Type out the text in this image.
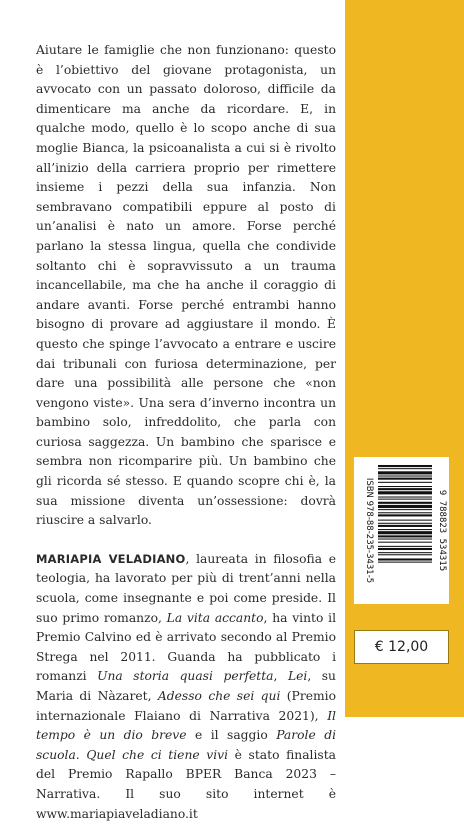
Aiutare le famiglie che non funzionano: questo è l’obiettivo del giovane protagonista, un avvocato con un passato doloroso, difficile da dimenticare ma anche da ricordare. E, in qualche modo, quello è lo scopo anche di sua moglie Bianca, la psicoanalista a cui si è rivolto all’inizio della carriera proprio per rimettere insieme i pezzi della sua infanzia. Non sembravano compatibili eppure al posto di un’analisi è nato un amore. Forse perché parlano la stessa lingua, quella che condivide soltanto chi è sopravvissuto a un trauma incancellabile, ma che ha anche il coraggio di andare avanti. Forse perché entrambi hanno bisogno di provare ad aggiustare il mondo. È questo che spinge l’avvocato a entrare e uscire dai tribunali con furiosa determinazione, per dare una possibilità alle persone che «non vengono viste». Una sera d’inverno incontra un bambino solo, infreddolito, che parla con curiosa saggezza. Un bambino che sparisce e sembra non ricomparire più. Un bambino che gli ricorda sé stesso. E quando scopre chi è, la sua missione diventa un’ossessione: dovrà riuscire a salvarlo.

MARIAPIA VELADIANO, laureata in filosofia e teologia, ha lavorato per più di trent’anni nella scuola, come insegnante e poi come preside. Il suo primo romanzo, La vita accanto, ha vinto il Premio Calvino ed è arrivato secondo al Premio Strega nel 2011. Guanda ha pubblicato i romanzi Una storia quasi perfetta, Lei, su Maria di Nàzaret, Adesso che sei qui (Premio internazionale Flaiano di Narrativa 2021), Il tempo è un dio breve e il saggio Parole di scuola. Quel che ci tiene vivi è stato finalista del Premio Rapallo BPER Banca 2023 – Narrativa. Il suo sito internet è www.mariapiaveladiano.it

ISBN 978-88-235-3431-5	9 788823 534315
€ 12,00
